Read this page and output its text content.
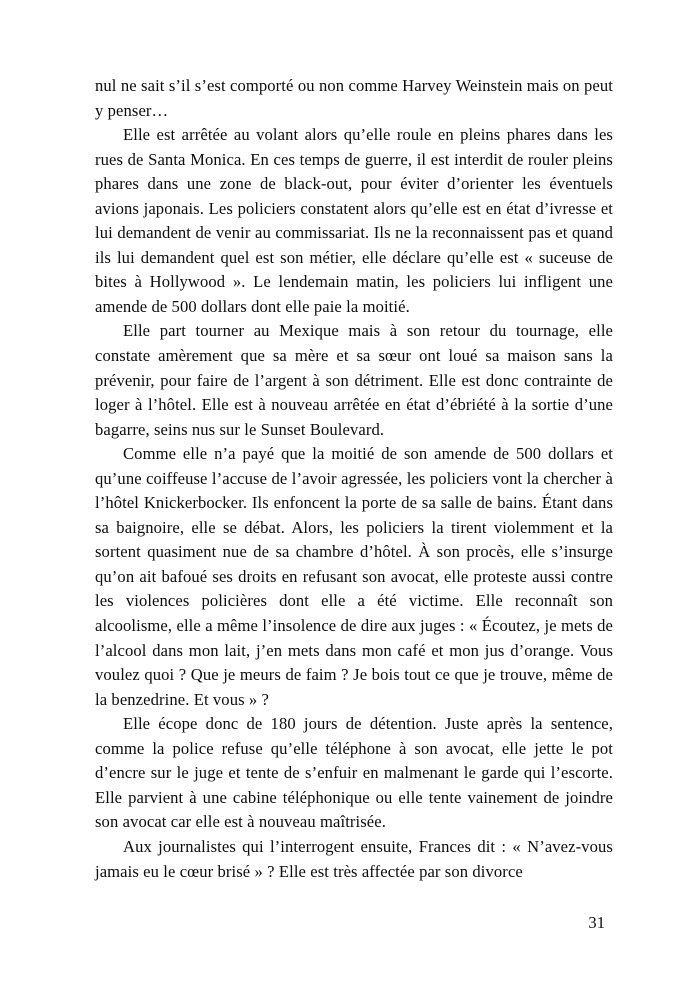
nul ne sait s’il s’est comporté ou non comme Harvey Weinstein mais on peut y penser…

Elle est arrêtée au volant alors qu’elle roule en pleins phares dans les rues de Santa Monica. En ces temps de guerre, il est interdit de rouler pleins phares dans une zone de black-out, pour éviter d’orienter les éventuels avions japonais. Les policiers constatent alors qu’elle est en état d’ivresse et lui demandent de venir au commissariat. Ils ne la reconnaissent pas et quand ils lui demandent quel est son métier, elle déclare qu’elle est « suceuse de bites à Hollywood ». Le lendemain matin, les policiers lui infligent une amende de 500 dollars dont elle paie la moitié.

Elle part tourner au Mexique mais à son retour du tournage, elle constate amèrement que sa mère et sa sœur ont loué sa maison sans la prévenir, pour faire de l’argent à son détriment. Elle est donc contrainte de loger à l’hôtel. Elle est à nouveau arrêtée en état d’ébriété à la sortie d’une bagarre, seins nus sur le Sunset Boulevard.

Comme elle n’a payé que la moitié de son amende de 500 dollars et qu’une coiffeuse l’accuse de l’avoir agressée, les policiers vont la chercher à l’hôtel Knickerbocker. Ils enfoncent la porte de sa salle de bains. Étant dans sa baignoire, elle se débat. Alors, les policiers la tirent violemment et la sortent quasiment nue de sa chambre d’hôtel. À son procès, elle s’insurge qu’on ait bafoué ses droits en refusant son avocat, elle proteste aussi contre les violences policières dont elle a été victime. Elle reconnaît son alcoolisme, elle a même l’insolence de dire aux juges : « Écoutez, je mets de l’alcool dans mon lait, j’en mets dans mon café et mon jus d’orange. Vous voulez quoi ? Que je meurs de faim ? Je bois tout ce que je trouve, même de la benzedrine. Et vous » ?

Elle écope donc de 180 jours de détention. Juste après la sentence, comme la police refuse qu’elle téléphone à son avocat, elle jette le pot d’encre sur le juge et tente de s’enfuir en malmenant le garde qui l’escorte. Elle parvient à une cabine téléphonique ou elle tente vainement de joindre son avocat car elle est à nouveau maîtrisée.

Aux journalistes qui l’interrogent ensuite, Frances dit : « N’avez-vous jamais eu le cœur brisé » ? Elle est très affectée par son divorce

31
